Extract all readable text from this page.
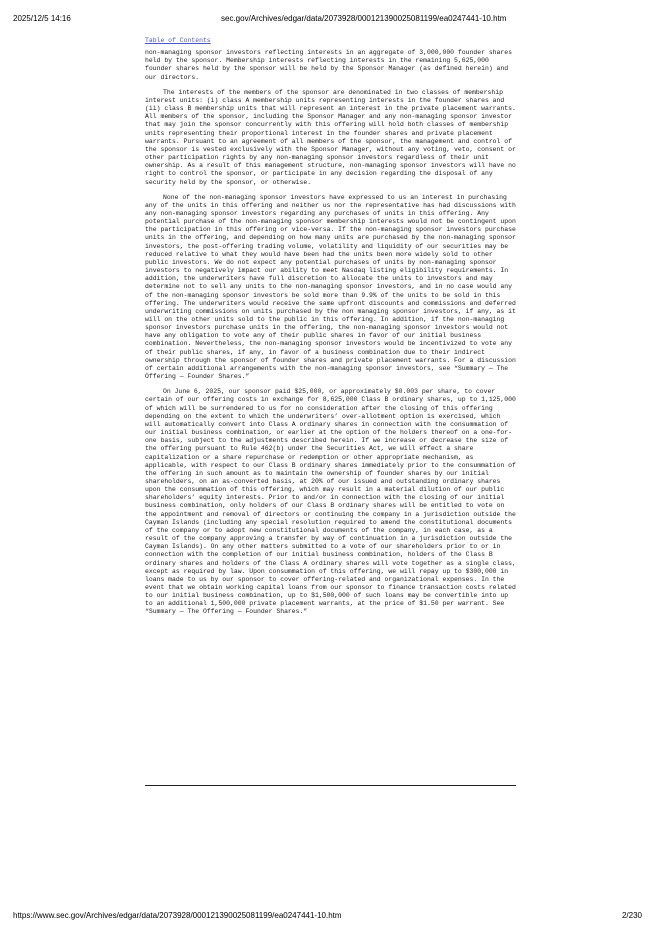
2025/12/5 14:16	sec.gov/Archives/edgar/data/2073928/000121390025081199/ea0247441-10.htm
Table of Contents

non-managing sponsor investors reflecting interests in an aggregate of 3,000,000 founder shares held by the sponsor. Membership interests reflecting interests in the remaining 5,625,000 founder shares held by the sponsor will be held by the Sponsor Manager (as defined herein) and our directors.

The interests of the members of the sponsor are denominated in two classes of membership interest units: (i) class A membership units representing interests in the founder shares and (ii) class B membership units that will represent an interest in the private placement warrants. All members of the sponsor, including the Sponsor Manager and any non-managing sponsor investor that may join the sponsor concurrently with this offering will hold both classes of membership units representing their proportional interest in the founder shares and private placement warrants. Pursuant to an agreement of all members of the sponsor, the management and control of the sponsor is vested exclusively with the Sponsor Manager, without any voting, veto, consent or other participation rights by any non-managing sponsor investors regardless of their unit ownership. As a result of this management structure, non-managing sponsor investors will have no right to control the sponsor, or participate in any decision regarding the disposal of any security held by the sponsor, or otherwise.

None of the non-managing sponsor investors have expressed to us an interest in purchasing any of the units in this offering and neither us nor the representative has had discussions with any non-managing sponsor investors regarding any purchases of units in this offering. Any potential purchase of the non-managing sponsor membership interests would not be contingent upon the participation in this offering or vice-versa. If the non-managing sponsor investors purchase units in the offering, and depending on how many units are purchased by the non-managing sponsor investors, the post-offering trading volume, volatility and liquidity of our securities may be reduced relative to what they would have been had the units been more widely sold to other public investors. We do not expect any potential purchases of units by non-managing sponsor investors to negatively impact our ability to meet Nasdaq listing eligibility requirements. In addition, the underwriters have full discretion to allocate the units to investors and may determine not to sell any units to the non-managing sponsor investors, and in no case would any of the non-managing sponsor investors be sold more than 9.9% of the units to be sold in this offering. The underwriters would receive the same upfront discounts and commissions and deferred underwriting commissions on units purchased by the non managing sponsor investors, if any, as it will on the other units sold to the public in this offering. In addition, if the non-managing sponsor investors purchase units in the offering, the non-managing sponsor investors would not have any obligation to vote any of their public shares in favor of our initial business combination. Nevertheless, the non-managing sponsor investors would be incentivized to vote any of their public shares, if any, in favor of a business combination due to their indirect ownership through the sponsor of founder shares and private placement warrants. For a discussion of certain additional arrangements with the non-managing sponsor investors, see “Summary — The Offering — Founder Shares.”

On June 6, 2025, our sponsor paid $25,000, or approximately $0.003 per share, to cover certain of our offering costs in exchange for 8,625,000 Class B ordinary shares, up to 1,125,000 of which will be surrendered to us for no consideration after the closing of this offering depending on the extent to which the underwriters’ over-allotment option is exercised, which will automatically convert into Class A ordinary shares in connection with the consummation of our initial business combination, or earlier at the option of the holders thereof on a one-for-one basis, subject to the adjustments described herein. If we increase or decrease the size of the offering pursuant to Rule 462(b) under the Securities Act, we will effect a share capitalization or a share repurchase or redemption or other appropriate mechanism, as applicable, with respect to our Class B ordinary shares immediately prior to the consummation of the offering in such amount as to maintain the ownership of founder shares by our initial shareholders, on an as-converted basis, at 20% of our issued and outstanding ordinary shares upon the consummation of this offering, which may result in a material dilution of our public shareholders’ equity interests. Prior to and/or in connection with the closing of our initial business combination, only holders of our Class B ordinary shares will be entitled to vote on the appointment and removal of directors or continuing the company in a jurisdiction outside the Cayman Islands (including any special resolution required to amend the constitutional documents of the company or to adopt new constitutional documents of the company, in each case, as a result of the company approving a transfer by way of continuation in a jurisdiction outside the Cayman Islands). On any other matters submitted to a vote of our shareholders prior to or in connection with the completion of our initial business combination, holders of the Class B ordinary shares and holders of the Class A ordinary shares will vote together as a single class, except as required by law. Upon consummation of this offering, we will repay up to $300,000 in loans made to us by our sponsor to cover offering-related and organizational expenses. In the event that we obtain working capital loans from our sponsor to finance transaction costs related to our initial business combination, up to $1,500,000 of such loans may be convertible into up to an additional 1,500,000 private placement warrants, at the price of $1.50 per warrant. See “Summary — The Offering — Founder Shares.”

https://www.sec.gov/Archives/edgar/data/2073928/000121390025081199/ea0247441-10.htm	2/230
